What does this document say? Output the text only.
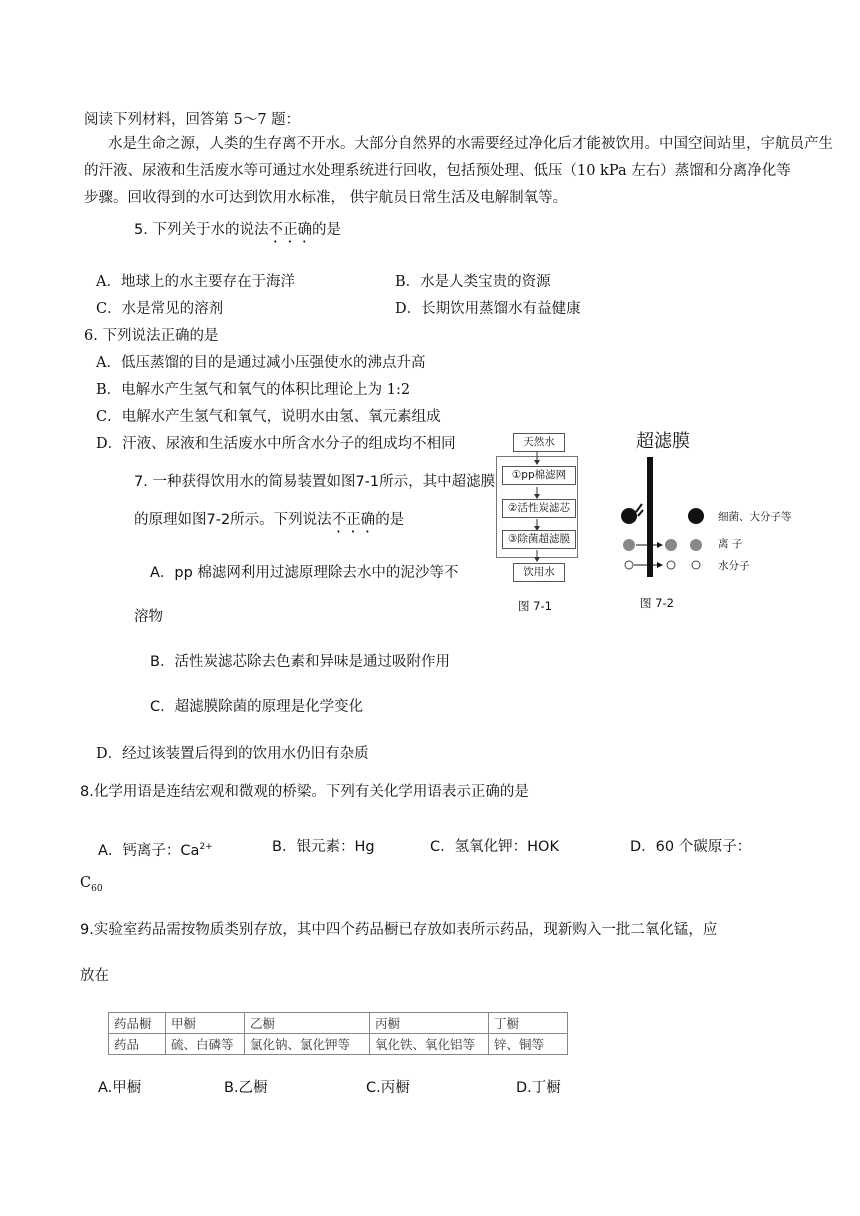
阅读下列材料，回答第 5～7 题：
水是生命之源，人类的生存离不开水。大部分自然界的水需要经过净化后才能被饮用。中国空间站里，宇航员产生
的汗液、尿液和生活废水等可通过水处理系统进行回收，包括预处理、低压（10 kPa 左右）蒸馏和分离净化等
步骤。回收得到的水可达到饮用水标准， 供宇航员日常生活及电解制氧等。
5. 下列关于水的说法不正确的是
A．地球上的水主要存在于海洋	B．水是人类宝贵的资源
C．水是常见的溶剂	D．长期饮用蒸馏水有益健康
6. 下列说法正确的是
A．低压蒸馏的目的是通过减小压强使水的沸点升高
B．电解水产生氢气和氧气的体积比理论上为 1:2
C．电解水产生氢气和氧气，说明水由氢、氧元素组成
D．汗液、尿液和生活废水中所含水分子的组成均不相同
7. 一种获得饮用水的简易装置如图7-1所示，其中超滤膜
的原理如图7-2所示。下列说法不正确的是
A．pp 棉滤网利用过滤原理除去水中的泥沙等不
溶物
B．活性炭滤芯除去色素和异味是通过吸附作用
C．超滤膜除菌的原理是化学变化
D．经过该装置后得到的饮用水仍旧有杂质
天然水
①pp棉滤网
②活性炭滤芯
③除菌超滤膜
饮用水
图 7-1
超滤膜
细菌、大分子等
离 子
水分子
图 7-2
8.化学用语是连结宏观和微观的桥梁。下列有关化学用语表示正确的是
A．钙离子：$Ca^{2+}$	B．银元素：Hg	C．氢氧化钾：HOK	D．60 个碳原子：
$C_{60}$
9.实验室药品需按物质类别存放，其中四个药品橱已存放如表所示药品，现新购入一批二氧化锰，应
放在
药品橱	甲橱	乙橱	丙橱	丁橱
药品	硫、白磷等	氯化钠、氯化钾等	氧化铁、氧化铝等	锌、铜等
A.甲橱	B.乙橱	C.丙橱	D.丁橱
